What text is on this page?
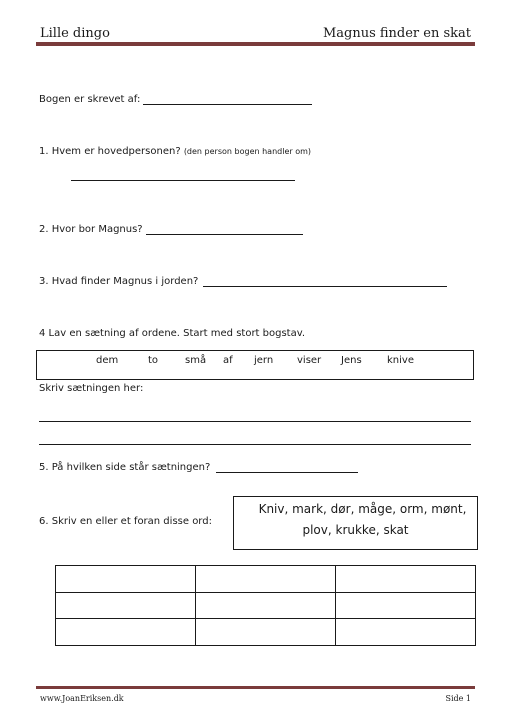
Lille dingo	Magnus finder en skat
Bogen er skrevet af:
1. Hvem er hovedpersonen? (den person bogen handler om)
2. Hvor bor Magnus?
3. Hvad finder Magnus i jorden?
4 Lav en sætning af ordene. Start med stort bogstav.
dem	to	små af jern viser Jens	knive
Skriv sætningen her:
5. På hvilken side står sætningen?
6. Skriv en eller et foran disse ord:
Kniv, mark, dør, måge, orm, mønt,
plov, krukke, skat

www.JoanEriksen.dk	Side 1
